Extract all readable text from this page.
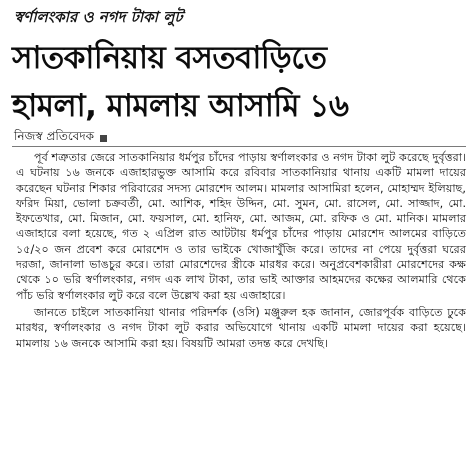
স্বর্ণালংকার ও নগদ টাকা লুট
সাতকানিয়ায় বসতবাড়িতে
হামলা, মামলায় আসামি ১৬
নিজস্ব প্রতিবেদক

পূর্ব শত্রুতার জেরে সাতকানিয়ার ধর্মপুর চাঁদের পাড়ায় স্বর্ণালংকার ও নগদ টাকা লুট করেছে দুর্বৃত্তরা। এ ঘটনায় ১৬ জনকে এজাহারভুক্ত আসামি করে রবিবার সাতকানিয়ার থানায় একটি মামলা দায়ের করেছেন ঘটনার শিকার পরিবারের সদস্য মোরশেদ আলম। মামলার আসামিরা হলেন, মোহাম্মদ ইলিয়াছ, ফরিদ মিয়া, ভোলা চক্রবর্তী, মো. আশিক, শহিদ উদ্দিন, মো. সুমন, মো. রাসেল, মো. সাজ্জাদ, মো. ইফতেখার, মো. মিজান, মো. ফয়সাল, মো. হানিফ, মো. আজম, মো. রফিক ও মো. মানিক। মামলার এজাহারে বলা হয়েছে, গত ২ এপ্রিল রাত আটটায় ধর্মপুর চাঁদের পাড়ায় মোরশেদ আলমের বাড়িতে ১৫/২০ জন প্রবেশ করে মোরশেদ ও তার ভাইকে খোজাখুঁজি করে। তাদের না পেয়ে দুর্বৃত্তরা ঘরের দরজা, জানালা ভাঙচুর করে। তারা মোরশেদের স্ত্রীকে মারধর করে। অনুপ্রবেশকারীরা মোরশেদের কক্ষ থেকে ১০ ভরি স্বর্ণালংকার, নগদ এক লাখ টাকা, তার ভাই আক্তার আহমদের কক্ষের আলমারি থেকে পাঁচ ভরি স্বর্ণালংকার লুট করে বলে উল্লেখ করা হয় এজাহারে।

জানতে চাইলে সাতকানিয়া থানার পরিদর্শক (ওসি) মঞ্জুরুল হক জানান, জোরপূর্বক বাড়িতে ঢুকে মারধর, স্বর্ণালংকার ও নগদ টাকা লুট করার অভিযোগে থানায় একটি মামলা দায়ের করা হয়েছে। মামলায় ১৬ জনকে আসামি করা হয়। বিষয়টি আমরা তদন্ত করে দেখছি।
